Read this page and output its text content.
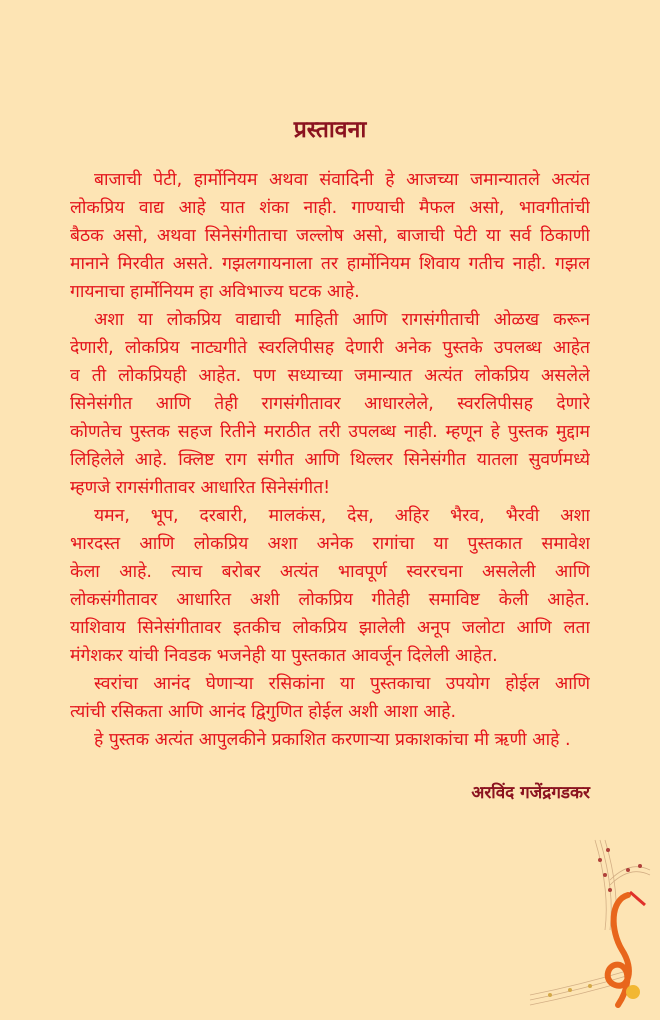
प्रस्तावना
बाजाची पेटी, हार्मोनियम अथवा संवादिनी हे आजच्या जमान्यातले अत्यंत
लोकप्रिय वाद्य आहे यात शंका नाही. गाण्याची मैफल असो, भावगीतांची
बैठक असो, अथवा सिनेसंगीताचा जल्लोष असो, बाजाची पेटी या सर्व ठिकाणी
मानाने मिरवीत असते. गझलगायनाला तर हार्मोनियम शिवाय गतीच नाही. गझल
गायनाचा हार्मोनियम हा अविभाज्य घटक आहे.
अशा या लोकप्रिय वाद्याची माहिती आणि रागसंगीताची ओळख करून
देणारी, लोकप्रिय नाट्यगीते स्वरलिपीसह देणारी अनेक पुस्तके उपलब्ध आहेत
व ती लोकप्रियही आहेत. पण सध्याच्या जमान्यात अत्यंत लोकप्रिय असलेले
सिनेसंगीत आणि तेही रागसंगीतावर आधारलेले, स्वरलिपीसह देणारे
कोणतेच पुस्तक सहज रितीने मराठीत तरी उपलब्ध नाही. म्हणून हे पुस्तक मुद्दाम
लिहिलेले आहे. क्लिष्ट राग संगीत आणि थिल्लर सिनेसंगीत यातला सुवर्णमध्ये
म्हणजे रागसंगीतावर आधारित सिनेसंगीत!
यमन, भूप, दरबारी, मालकंस, देस, अहिर भैरव, भैरवी अशा
भारदस्त आणि लोकप्रिय अशा अनेक रागांचा या पुस्तकात समावेश
केला आहे. त्याच बरोबर अत्यंत भावपूर्ण स्वररचना असलेली आणि
लोकसंगीतावर आधारित अशी लोकप्रिय गीतेही समाविष्ट केली आहेत.
याशिवाय सिनेसंगीतावर इतकीच लोकप्रिय झालेली अनूप जलोटा आणि लता
मंगेशकर यांची निवडक भजनेही या पुस्तकात आवर्जून दिलेली आहेत.
स्वरांचा आनंद घेणाऱ्या रसिकांना या पुस्तकाचा उपयोग होईल आणि
त्यांची रसिकता आणि आनंद द्विगुणित होईल अशी आशा आहे.
हे पुस्तक अत्यंत आपुलकीने प्रकाशित करणाऱ्या प्रकाशकांचा मी ऋणी आहे .
अरविंद गजेंद्रगडकर
